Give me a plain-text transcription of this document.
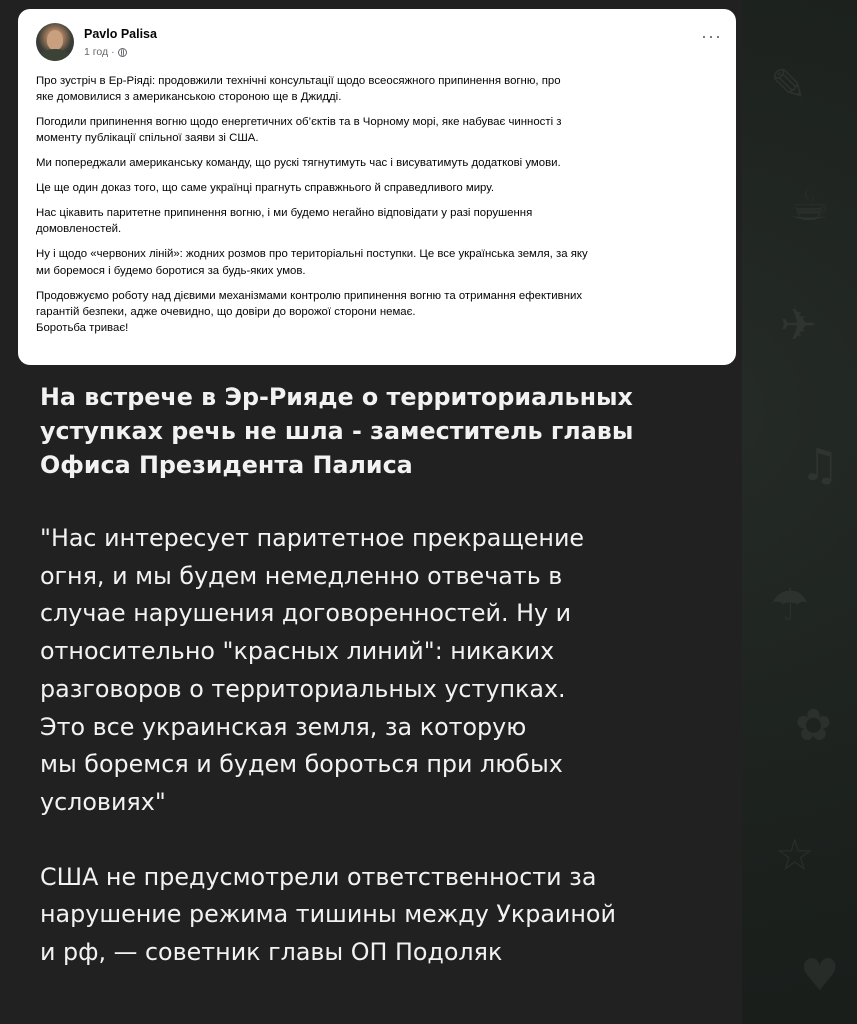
✎
☕
✈
♫
☂
✿
☆
♥
Pavlo Palisa
1 год ·
···

Про зустріч в Ер-Ріяді: продовжили технічні консультації щодо всеосяжного припинення вогню, про
яке домовилися з американською стороною ще в Джидді.

Погодили припинення вогню щодо енергетичних об’єктів та в Чорному морі, яке набуває чинності з
моменту публікації спільної заяви зі США.

Ми попереджали американську команду, що рускі тягнутимуть час і висуватимуть додаткові умови.

Це ще один доказ того, що саме українці прагнуть справжнього й справедливого миру.

Нас цікавить паритетне припинення вогню, і ми будемо негайно відповідати у разі порушення
домовленостей.

Ну і щодо «червоних ліній»: жодних розмов про територіальні поступки. Це все українська земля, за яку
ми боремося і будемо боротися за будь-яких умов.

Продовжуємо роботу над дієвими механізмами контролю припинення вогню та отримання ефективних
гарантій безпеки, адже очевидно, що довіри до ворожої сторони немає.
Боротьба триває!

На встрече в Эр-Рияде о территориальных
уступках речь не шла - заместитель главы
Офиса Президента Палиса
"Нас интересует паритетное прекращение
огня, и мы будем немедленно отвечать в
случае нарушения договоренностей. Ну и
относительно "красных линий": никаких
разговоров о территориальных уступках.
Это все украинская земля, за которую
мы боремся и будем бороться при любых
условиях"
США не предусмотрели ответственности за
нарушение режима тишины между Украиной
и рф, — советник главы ОП Подоляк
